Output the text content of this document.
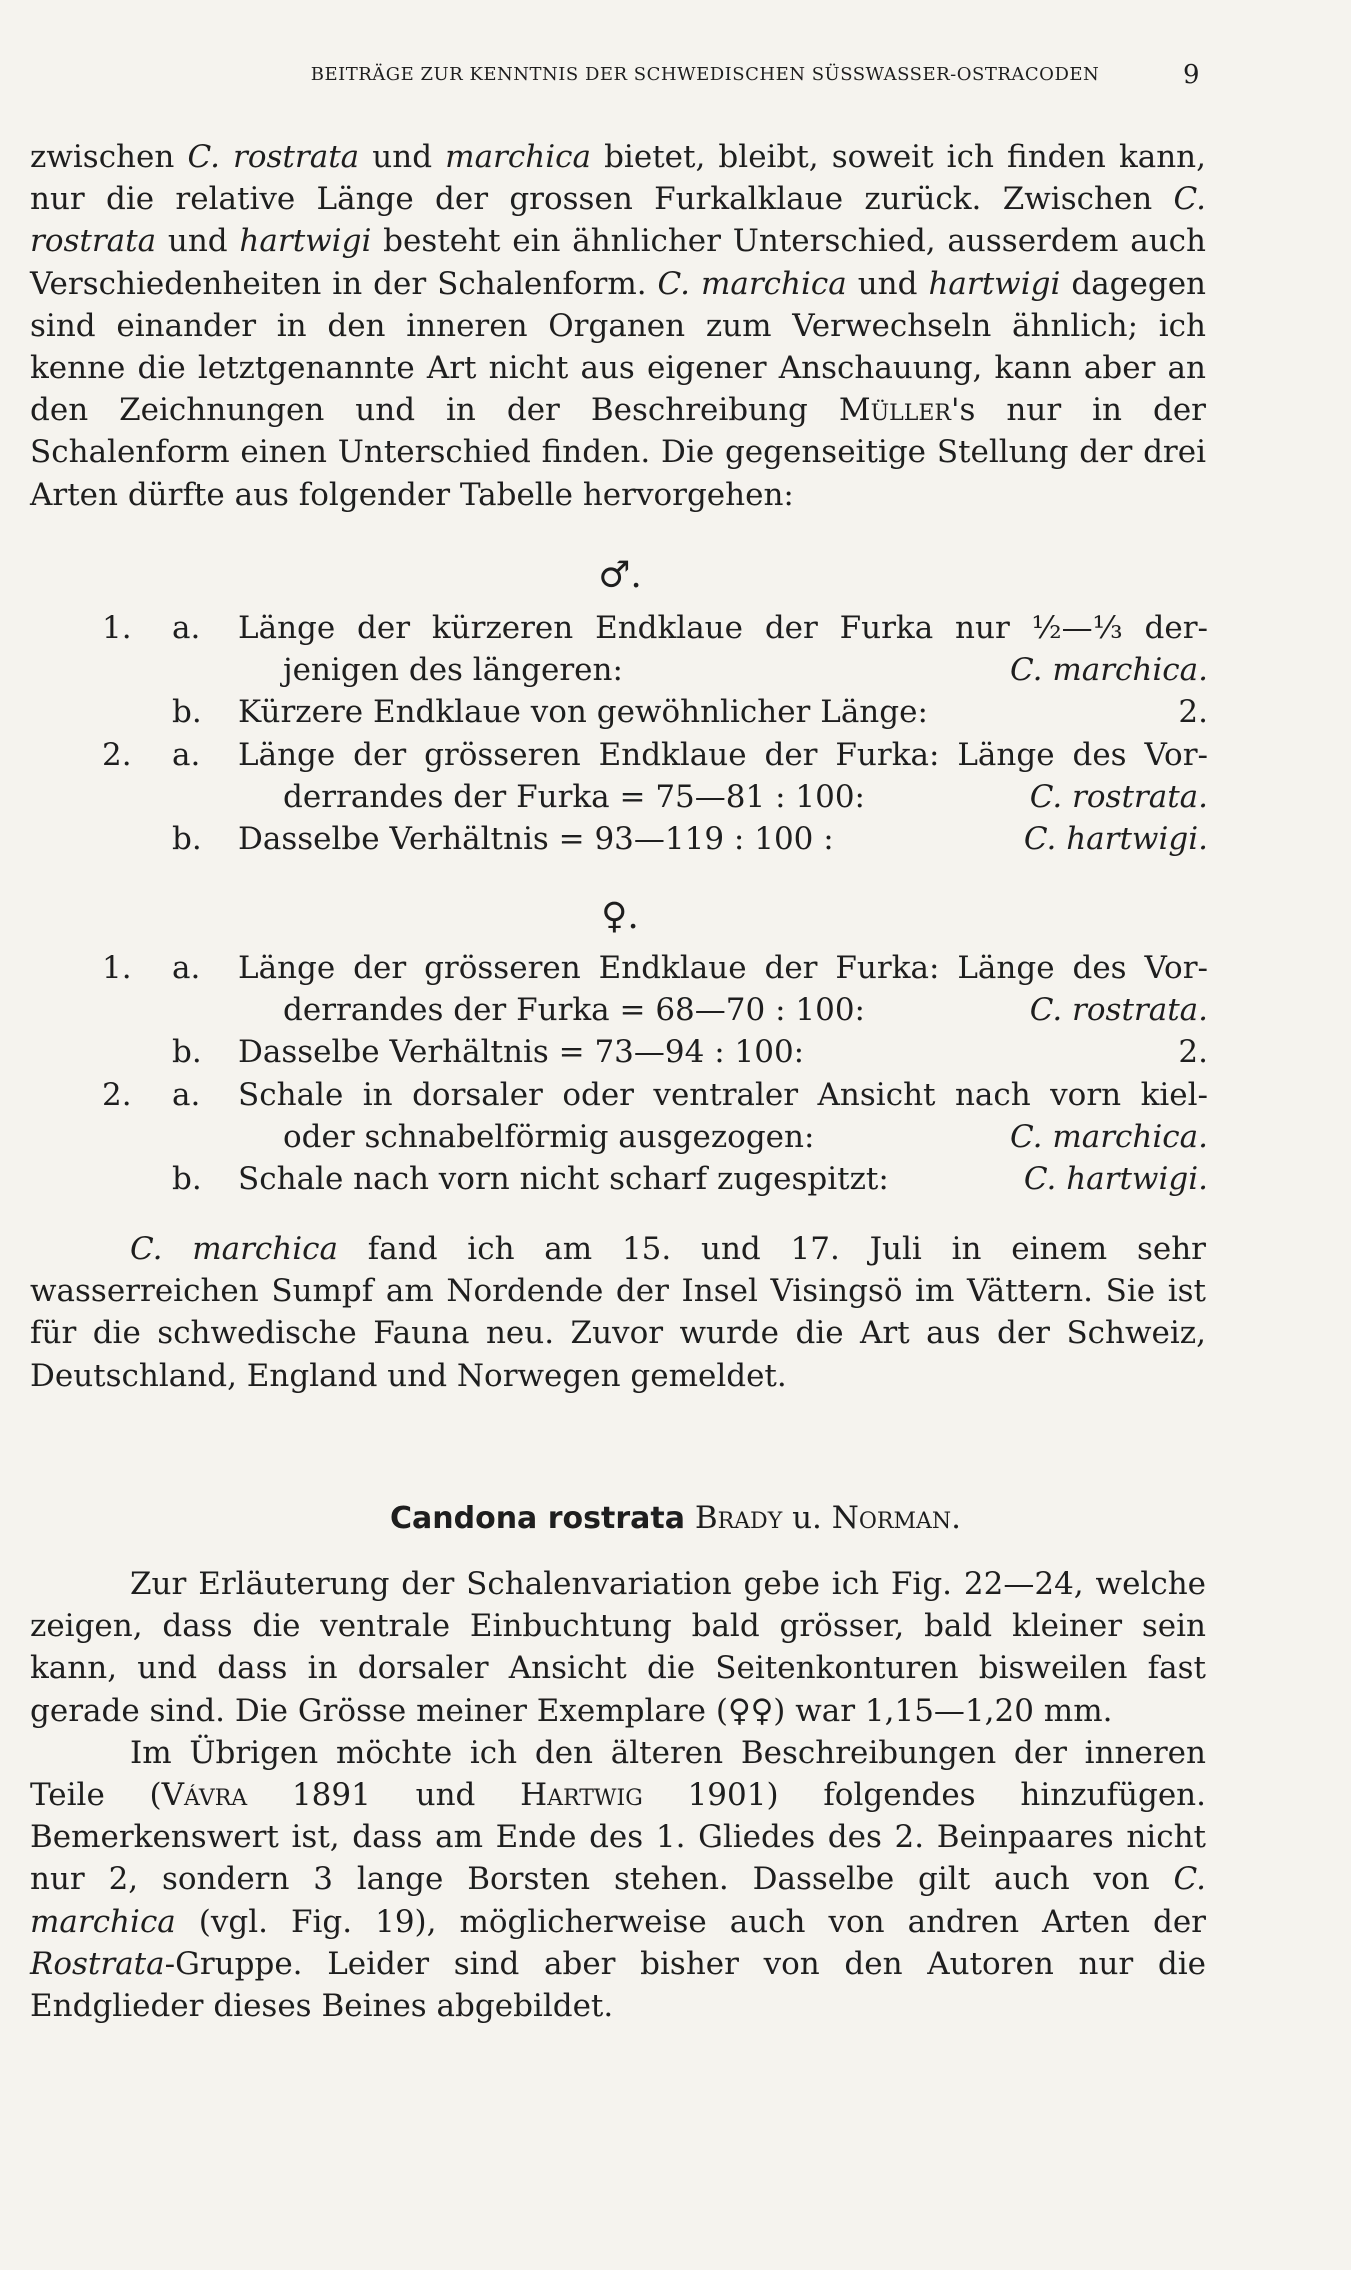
BEITRÄGE ZUR KENNTNIS DER SCHWEDISCHEN SÜSSWASSER-OSTRACODEN	9

zwischen C. rostrata und marchica bietet, bleibt, soweit ich finden kann, nur die relative Länge der grossen Furkalklaue zurück. Zwischen C. rostrata und hartwigi besteht ein ähnlicher Unterschied, ausserdem auch Verschiedenheiten in der Schalenform. C. marchica und hartwigi dagegen sind einander in den inneren Organen zum Verwechseln ähnlich; ich kenne die letztgenannte Art nicht aus eigener Anschauung, kann aber an den Zeichnungen und in der Beschreibung Müller's nur in der Schalenform einen Unterschied finden. Die gegenseitige Stellung der drei Arten dürfte aus folgender Tabelle hervorgehen:

♂.
1. a. Länge der kürzeren Endklaue der Furka nur ½—⅓ der-
jenigen des längeren:	C. marchica.
b. Kürzere Endklaue von gewöhnlicher Länge:	2.
2. a. Länge der grösseren Endklaue der Furka: Länge des Vor-
derrandes der Furka = 75—81 : 100:	C. rostrata.
b. Dasselbe Verhältnis = 93—119 : 100 :	C. hartwigi.
♀.
1. a. Länge der grösseren Endklaue der Furka: Länge des Vor-
derrandes der Furka = 68—70 : 100:	C. rostrata.
b. Dasselbe Verhältnis = 73—94 : 100:	2.
2. a. Schale in dorsaler oder ventraler Ansicht nach vorn kiel-
oder schnabelförmig ausgezogen:	C. marchica.
b. Schale nach vorn nicht scharf zugespitzt:	C. hartwigi.

C. marchica fand ich am 15. und 17. Juli in einem sehr wasserreichen Sumpf am Nordende der Insel Visingsö im Vättern. Sie ist für die schwedische Fauna neu. Zuvor wurde die Art aus der Schweiz, Deutschland, England und Norwegen gemeldet.

Candona rostrata Brady u. Norman.

Zur Erläuterung der Schalenvariation gebe ich Fig. 22—24, welche zeigen, dass die ventrale Einbuchtung bald grösser, bald kleiner sein kann, und dass in dorsaler Ansicht die Seitenkonturen bisweilen fast gerade sind. Die Grösse meiner Exemplare (♀♀) war 1,15—1,20 mm.

Im Übrigen möchte ich den älteren Beschreibungen der inneren Teile (Vávra 1891 und Hartwig 1901) folgendes hinzufügen. Bemerkenswert ist, dass am Ende des 1. Gliedes des 2. Beinpaares nicht nur 2, sondern 3 lange Borsten stehen. Dasselbe gilt auch von C. marchica (vgl. Fig. 19), möglicherweise auch von andren Arten der Rostrata-Gruppe. Leider sind aber bisher von den Autoren nur die Endglieder dieses Beines abgebildet.
